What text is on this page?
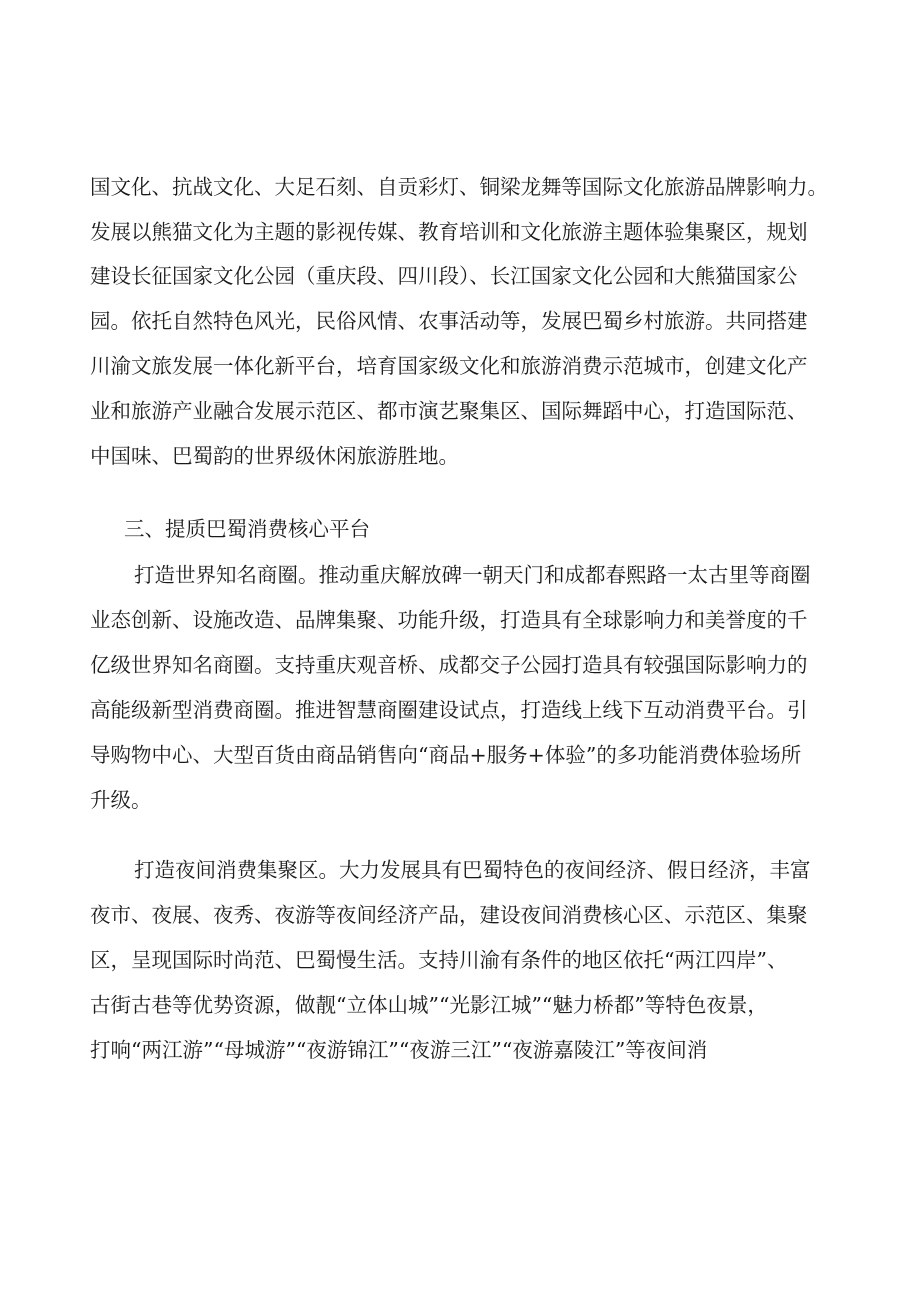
国文化、抗战文化、大足石刻、自贡彩灯、铜梁龙舞等国际文化旅游品牌影响力。
发展以熊猫文化为主题的影视传媒、教育培训和文化旅游主题体验集聚区，规划
建设长征国家文化公园（重庆段、四川段）、长江国家文化公园和大熊猫国家公
园。依托自然特色风光，民俗风情、农事活动等，发展巴蜀乡村旅游。共同搭建
川渝文旅发展一体化新平台，培育国家级文化和旅游消费示范城市，创建文化产
业和旅游产业融合发展示范区、都市演艺聚集区、国际舞蹈中心，打造国际范、
中国味、巴蜀韵的世界级休闲旅游胜地。
三、提质巴蜀消费核心平台
打造世界知名商圈。推动重庆解放碑一朝天门和成都春熙路一太古里等商圈
业态创新、设施改造、品牌集聚、功能升级，打造具有全球影响力和美誉度的千
亿级世界知名商圈。支持重庆观音桥、成都交子公园打造具有较强国际影响力的
高能级新型消费商圈。推进智慧商圈建设试点，打造线上线下互动消费平台。引
导购物中心、大型百货由商品销售向“商品+服务+体验”的多功能消费体验场所
升级。
打造夜间消费集聚区。大力发展具有巴蜀特色的夜间经济、假日经济，丰富
夜市、夜展、夜秀、夜游等夜间经济产品，建设夜间消费核心区、示范区、集聚
区，呈现国际时尚范、巴蜀慢生活。支持川渝有条件的地区依托“两江四岸”、
古街古巷等优势资源，做靓“立体山城”“光影江城”“魅力桥都”等特色夜景，
打响“两江游”“母城游”“夜游锦江”“夜游三江”“夜游嘉陵江”等夜间消
